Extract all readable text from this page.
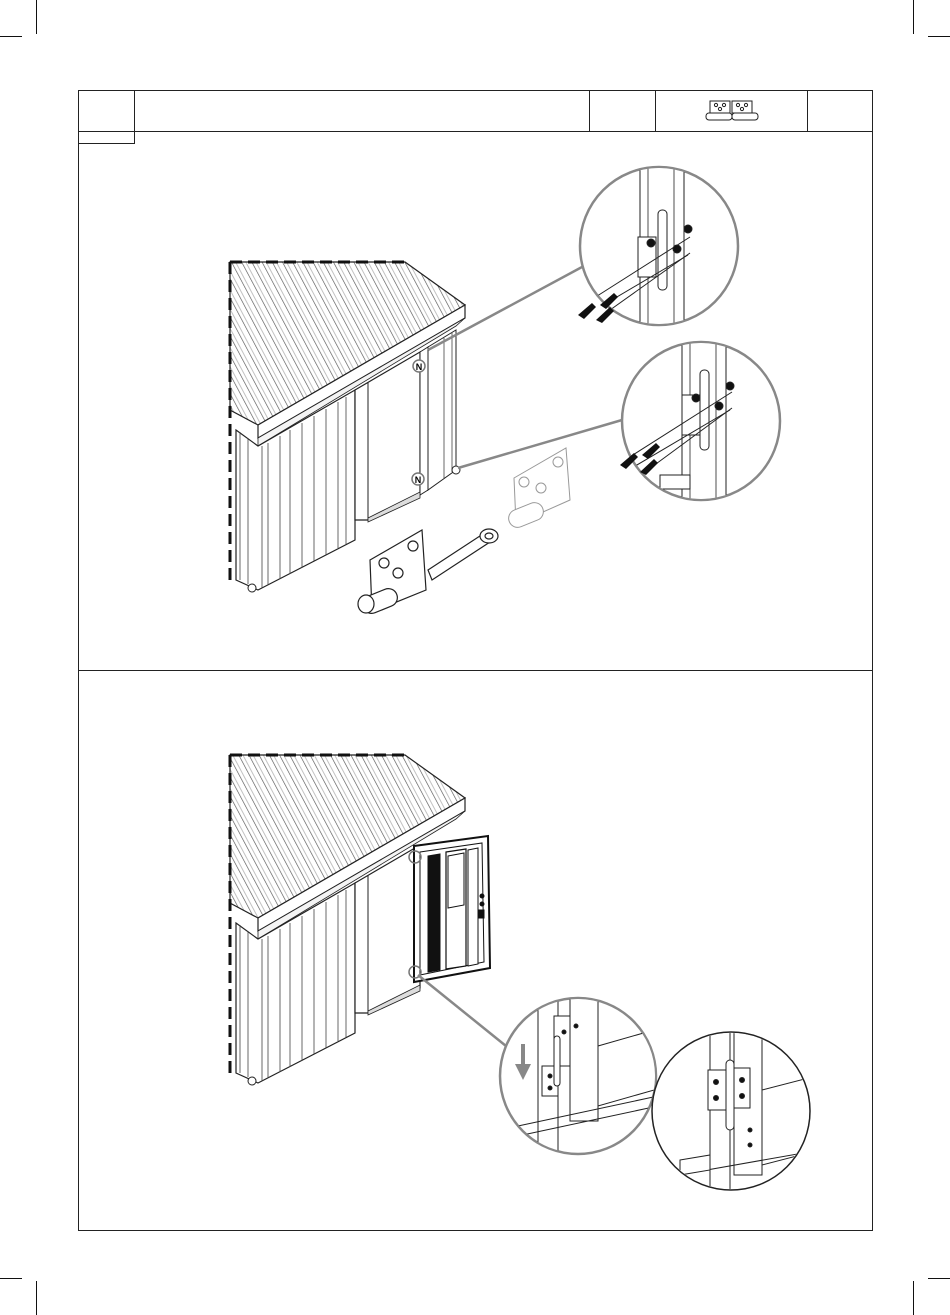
N
N
